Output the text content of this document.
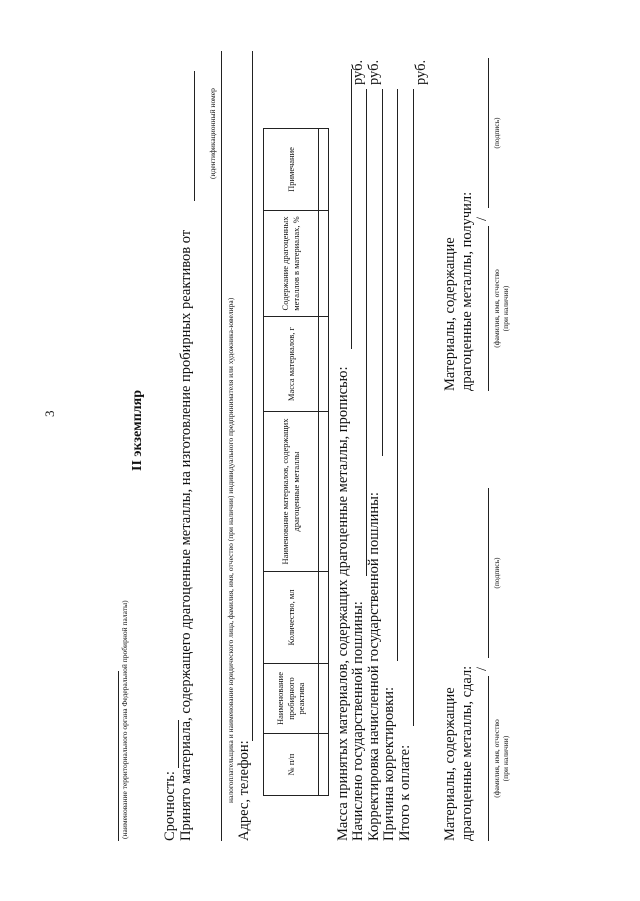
3
(наименование территориального органа Федеральной пробирной палаты)
II экземпляр
Срочность: Принято материала, содержащего драгоценные металлы, на изготовление пробирных реактивов от
(идентификационный номер
налогоплательщика и наименование юридического лица, фамилия, имя, отчество (при наличии) индивидуального предпринимателя или художника-ювелира) Адрес, телефон:	№ п/п	Наименование пробирного реактива	Количество, мл	Наименование материалов, содержащих драгоценные металлы	Масса материалов, г	Содержание драгоценных металлов в материалах, %	Примечание

Масса принятых материалов, содержащих драгоценные металлы, прописью: Начислено государственной пошлины:
руб.
Корректировка начисленной государственной пошлины:
руб.
Причина корректировки: Итого к оплате:
руб.
Материалы, содержащие драгоценные металлы, сдал: /
(фамилия, имя, отчество (при наличии)
(подпись)
Материалы, содержащие драгоценные металлы, получил: /
(фамилия, имя, отчество (при наличии)
(подпись)
